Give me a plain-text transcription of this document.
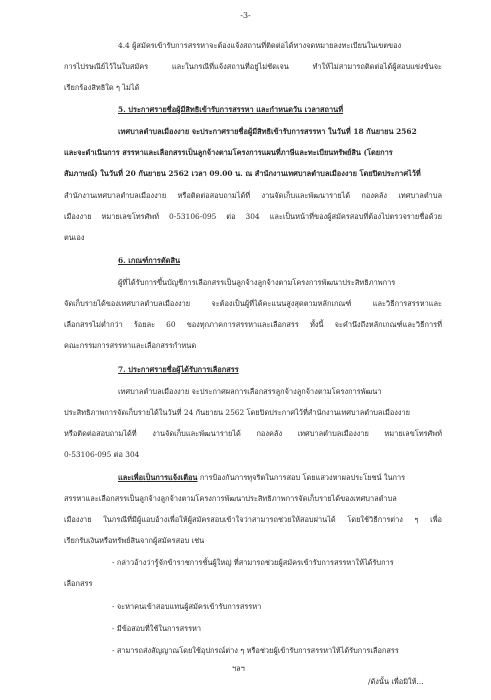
-3-
4.4 ผู้สมัครเข้ารับการสรรหาจะต้องแจ้งสถานที่ติดต่อได้ทางจดหมายลงทะเบียนในเขตของ
การไปรษณีย์ไว้ในใบสมัคร และในกรณีที่แจ้งสถานที่อยู่ไม่ชัดเจน ทำให้ไม่สามารถติดต่อได้ผู้สอบแข่งขันจะ
เรียกร้องสิทธิใด ๆ ไม่ได้
5. ประกาศรายชื่อผู้มีสิทธิเข้ารับการสรรหา และกำหนดวัน เวลาสถานที่
เทศบาลตำบลเมืองงาย จะประกาศรายชื่อผู้มีสิทธิเข้ารับการสรรหา ในวันที่ 18 กันยายน 2562
และจะดำเนินการ สรรหาและเลือกสรรเป็นลูกจ้างตามโครงการแผนที่ภาษีและทะเบียนทรัพย์สิน (โดยการ
สัมภาษณ์) ในวันที่ 20 กันยายน 2562 เวลา 09.00 น. ณ สำนักงานเทศบาลตำบลเมืองงาย โดยปิดประกาศไว้ที่
สำนักงานเทศบาลตำบลเมืองงาย หรือติดต่อสอบถามได้ที่ งานจัดเก็บและพัฒนารายได้ กองคลัง เทศบาลตำบล
เมืองงาย หมายเลขโทรศัพท์ 0-53106-095 ต่อ 304 และเป็นหน้าที่ของผู้สมัครสอบที่ต้องไปตรวจรายชื่อด้วย
ตนเอง
6. เกณฑ์การตัดสิน
ผู้ที่ได้รับการขึ้นบัญชีการเลือกสรรเป็นลูกจ้างลูกจ้างตามโครงการพัฒนาประสิทธิภาพการ
จัดเก็บรายได้ของเทศบาลตำบลเมืองงาย จะต้องเป็นผู้ที่ได้คะแนนสูงสุดตามหลักเกณฑ์ และวิธีการสรรหาและ
เลือกสรรไม่ต่ำกว่า ร้อยละ 60 ของทุกภาคการสรรหาและเลือกสรร ทั้งนี้ จะคำนึงถึงหลักเกณฑ์และวิธีการที่
คณะกรรมการสรรหาและเลือกสรรกำหนด
7. ประกาศรายชื่อผู้ได้รับการเลือกสรร
เทศบาลตำบลเมืองงาย จะประกาศผลการเลือกสรรลูกจ้างลูกจ้างตามโครงการพัฒนา
ประสิทธิภาพการจัดเก็บรายได้ในวันที่ 24 กันยายน 2562 โดยปิดประกาศไว้ที่สำนักงานเทศบาลตำบลเมืองงาย
หรือติดต่อสอบถามได้ที่ งานจัดเก็บและพัฒนารายได้ กองคลัง เทศบาลตำบลเมืองงาย หมายเลขโทรศัพท์
0-53106-095 ต่อ 304
และเพื่อเป็นการแจ้งเตือน การป้องกันการทุจริตในการสอบ โดยแสวงหาผลประโยชน์ ในการ
สรรหาและเลือกสรรเป็นลูกจ้างลูกจ้างตามโครงการพัฒนาประสิทธิภาพการจัดเก็บรายได้ของเทศบาลตำบล
เมืองงาย ในกรณีที่มีผู้แอบอ้างเพื่อให้ผู้สมัครสอบเข้าใจว่าสามารถช่วยให้สอบผ่านได้ โดยใช้วิธีการต่าง ๆ เพื่อ
เรียกรับเงินหรือทรัพย์สินจากผู้สมัครสอบ เช่น
- กล่าวอ้างว่ารู้จักข้าราชการชั้นผู้ใหญ่ ที่สามารถช่วยผู้สมัครเข้ารับการสรรหาให้ได้รับการ
เลือกสรร
- จะหาคนเข้าสอบแทนผู้สมัครเข้ารับการสรรหา
- มีข้อสอบที่ใช้ในการสรรหา
- สามารถส่งสัญญาณโดยใช้อุปกรณ์ต่าง ๆ หรือช่วยผู้เข้ารับการสรรหาให้ได้รับการเลือกสรร
ฯลฯ
/ดังนั้น เพื่อมิให้...
